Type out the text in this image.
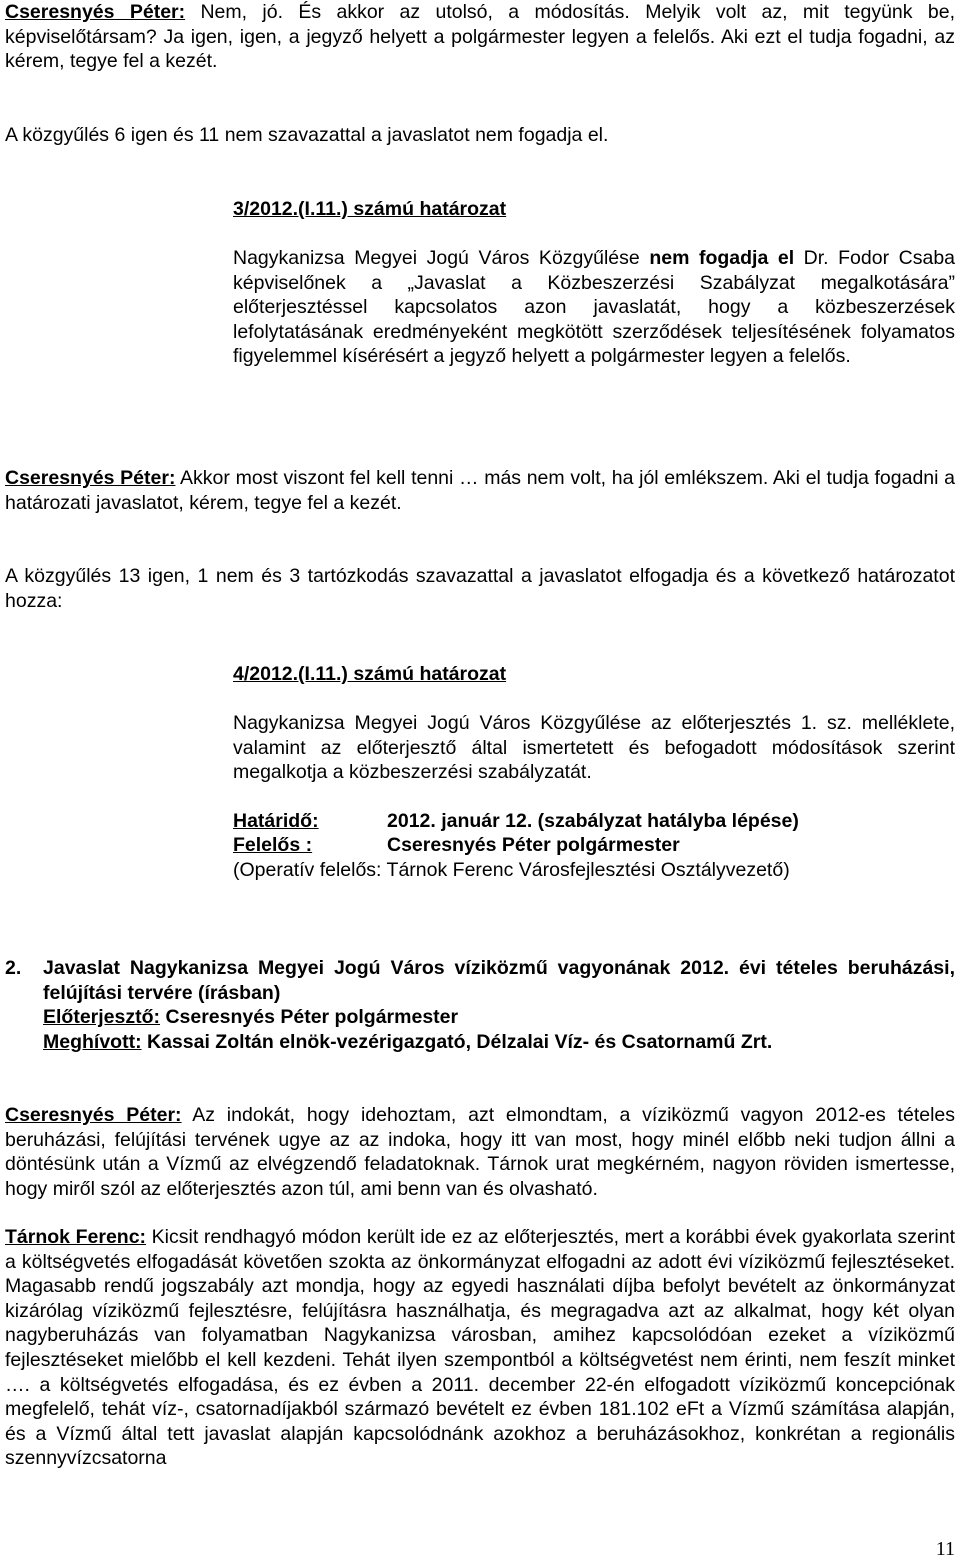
Cseresnyés Péter: Nem, jó. És akkor az utolsó, a módosítás. Melyik volt az, mit tegyünk be, képviselőtársam? Ja igen, igen, a jegyző helyett a polgármester legyen a felelős. Aki ezt el tudja fogadni, az kérem, tegye fel a kezét.
A közgyűlés 6 igen és 11 nem szavazattal a javaslatot nem fogadja el.
3/2012.(I.11.) számú határozat
Nagykanizsa Megyei Jogú Város Közgyűlése nem fogadja el Dr. Fodor Csaba képviselőnek a „Javaslat a Közbeszerzési Szabályzat megalkotására” előterjesztéssel kapcsolatos azon javaslatát, hogy a közbeszerzések lefolytatásának eredményeként megkötött szerződések teljesítésének folyamatos figyelemmel kísérésért a jegyző helyett a polgármester legyen a felelős.
Cseresnyés Péter: Akkor most viszont fel kell tenni … más nem volt, ha jól emlékszem. Aki el tudja fogadni a határozati javaslatot, kérem, tegye fel a kezét.
A közgyűlés 13 igen, 1 nem és 3 tartózkodás szavazattal a javaslatot elfogadja és a következő határozatot hozza:
4/2012.(I.11.) számú határozat
Nagykanizsa Megyei Jogú Város Közgyűlése az előterjesztés 1. sz. melléklete, valamint az előterjesztő által ismertetett és befogadott módosítások szerint megalkotja a közbeszerzési szabályzatát.
Határidő:	2012. január 12. (szabályzat hatályba lépése)
Felelős :	Cseresnyés Péter polgármester
(Operatív felelős: Tárnok Ferenc Városfejlesztési Osztályvezető)
2.	Javaslat Nagykanizsa Megyei Jogú Város víziközmű vagyonának 2012. évi tételes beruházási, felújítási tervére (írásban)
Előterjesztő: Cseresnyés Péter polgármester
Meghívott: Kassai Zoltán elnök-vezérigazgató, Délzalai Víz- és Csatornamű Zrt.
Cseresnyés Péter: Az indokát, hogy idehoztam, azt elmondtam, a víziközmű vagyon 2012-es tételes beruházási, felújítási tervének ugye az az indoka, hogy itt van most, hogy minél előbb neki tudjon állni a döntésünk után a Vízmű az elvégzendő feladatoknak. Tárnok urat megkérném, nagyon röviden ismertesse, hogy miről szól az előterjesztés azon túl, ami benn van és olvasható.
Tárnok Ferenc: Kicsit rendhagyó módon került ide ez az előterjesztés, mert a korábbi évek gyakorlata szerint a költségvetés elfogadását követően szokta az önkormányzat elfogadni az adott évi víziközmű fejlesztéseket. Magasabb rendű jogszabály azt mondja, hogy az egyedi használati díjba befolyt bevételt az önkormányzat kizárólag víziközmű fejlesztésre, felújításra használhatja, és megragadva azt az alkalmat, hogy két olyan nagyberuházás van folyamatban Nagykanizsa városban, amihez kapcsolódóan ezeket a víziközmű fejlesztéseket mielőbb el kell kezdeni. Tehát ilyen szempontból a költségvetést nem érinti, nem feszít minket …. a költségvetés elfogadása, és ez évben a 2011. december 22-én elfogadott víziközmű koncepciónak megfelelő, tehát víz-, csatornadíjakból származó bevételt ez évben 181.102 eFt a Vízmű számítása alapján, és a Vízmű által tett javaslat alapján kapcsolódnánk azokhoz a beruházásokhoz, konkrétan a regionális szennyvízcsatorna
11
